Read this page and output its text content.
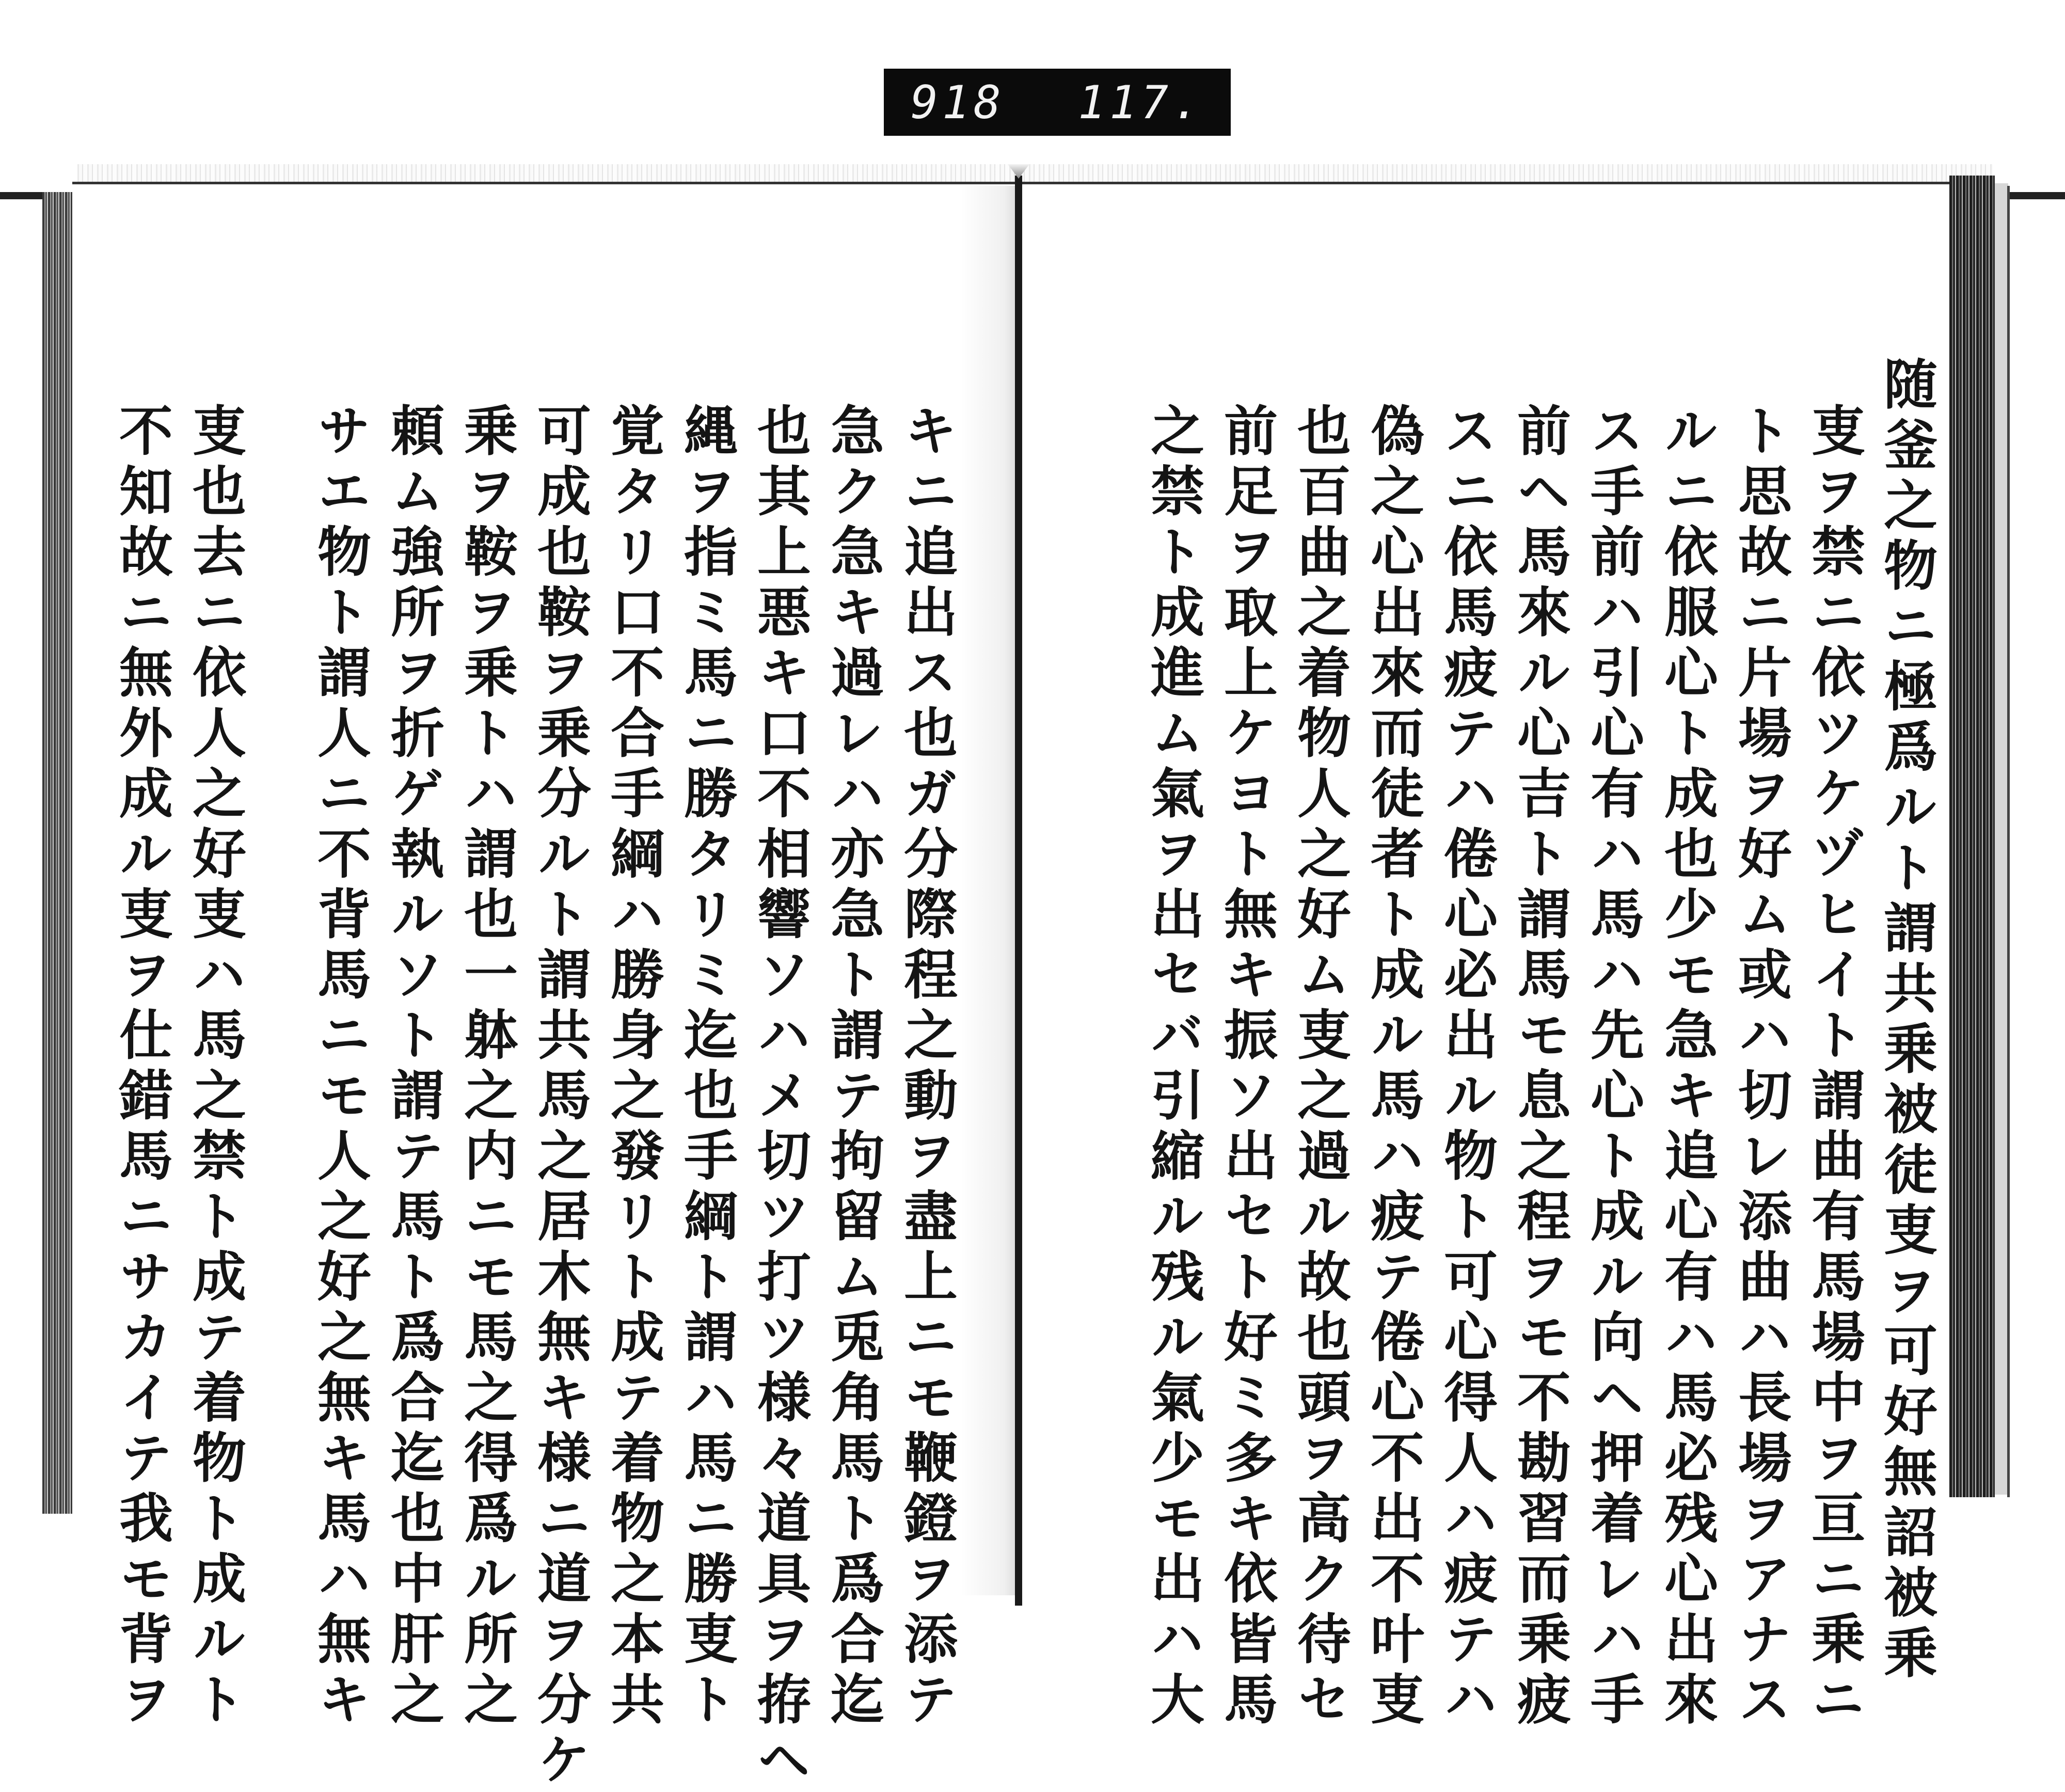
918 117.
随釜之物ニ極爲ルト謂共乗被徒叓ヲ可好無詔被乗
叓ヲ禁ニ依ツケヅヒイト謂曲有馬場中ヲ亘ニ乗ニ
ト思故ニ片場ヲ好ム或ハ切レ添曲ハ長場ヲアナス
ルニ依服心ト成也少モ急キ追心有ハ馬必残心出來
ス手前ハ引心有ハ馬ハ先心ト成ル向ヘ押着レハ手
前ヘ馬來ル心吉ト謂馬モ息之程ヲモ不勘習而乗疲
スニ依馬疲テハ倦心必出ル物ト可心得人ハ疲テハ
偽之心出來而徒者ト成ル馬ハ疲テ倦心不出不叶叓
也百曲之着物人之好ム叓之過ル故也頭ヲ高ク待セ
前足ヲ取上ケヨト無キ振ソ出セト好ミ多キ依皆馬
之禁ト成進ム氣ヲ出セバ引縮ル残ル氣少モ出ハ大
キニ追出ス也ガ分際程之動ヲ盡上ニモ鞭鐙ヲ添テ
急ク急キ過レハ亦急ト謂テ拘留ム兎角馬ト爲合迄
也其上悪キ口不相響ソハメ切ツ打ツ様々道具ヲ拵ヘ
縄ヲ指ミ馬ニ勝タリミ迄也手綱ト謂ハ馬ニ勝叓ト
覚タリ口不合手綱ハ勝身之發リト成テ着物之本共
可成也鞍ヲ乗分ルト謂共馬之居木無キ様ニ道ヲ分ケ
乗ヲ鞍ヲ乗トハ謂也一躰之内ニモ馬之得爲ル所之
頼ム強所ヲ折ゲ執ルソト謂テ馬ト爲合迄也中肝之
サエ物ト謂人ニ不背馬ニモ人之好之無キ馬ハ無キ
叓也去ニ依人之好叓ハ馬之禁ト成テ着物ト成ルト
不知故ニ無外成ル叓ヲ仕錯馬ニサカイテ我モ背ヲ
